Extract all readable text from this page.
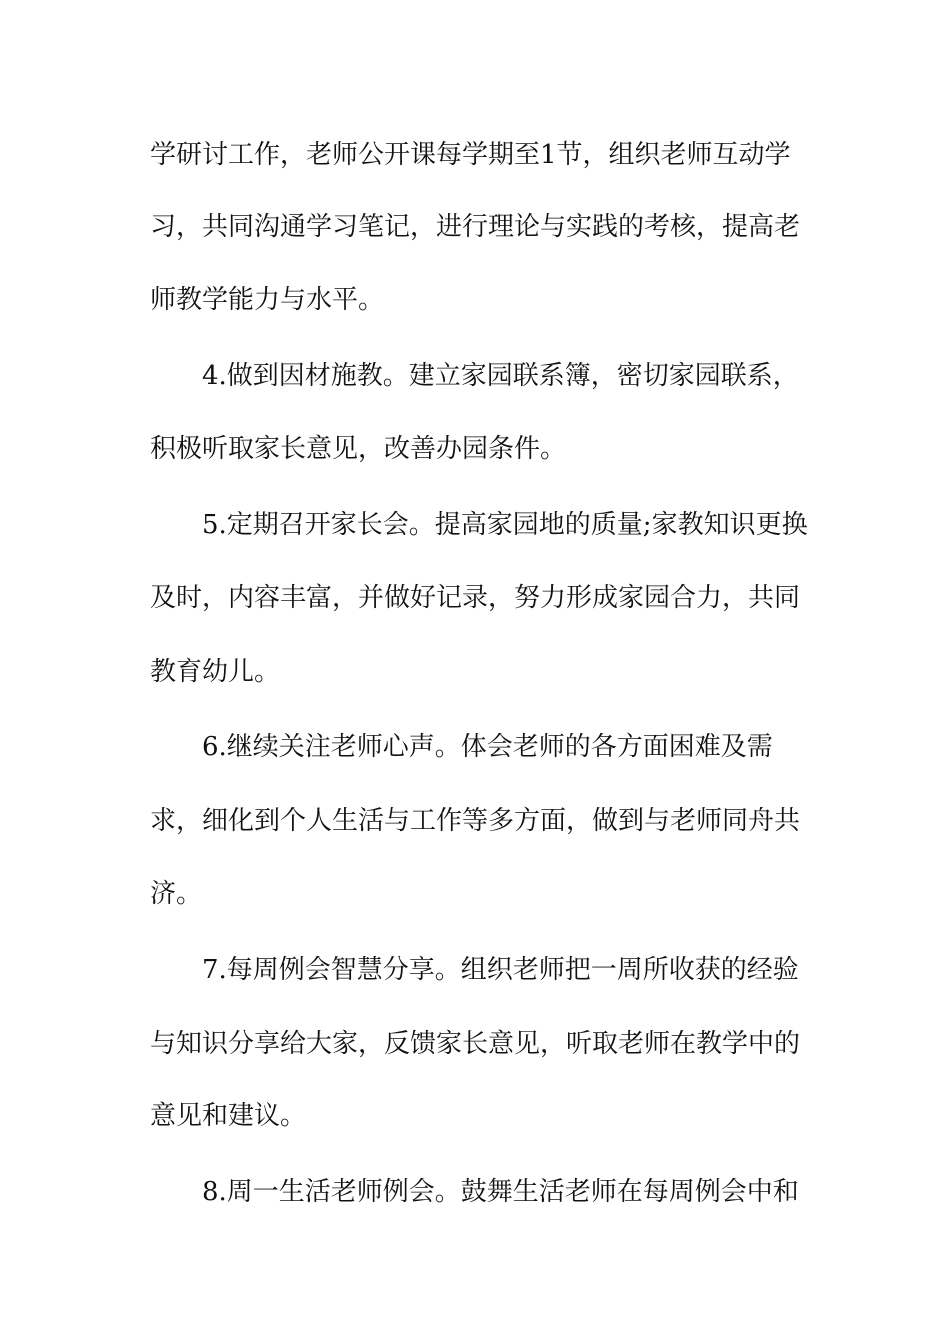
学研讨工作，老师公开课每学期至1节，组织老师互动学
习，共同沟通学习笔记，进行理论与实践的考核，提高老
师教学能力与水平。
4.做到因材施教。建立家园联系簿，密切家园联系，
积极听取家长意见，改善办园条件。
5.定期召开家长会。提高家园地的质量;家教知识更换
及时，内容丰富，并做好记录，努力形成家园合力，共同
教育幼儿。
6.继续关注老师心声。体会老师的各方面困难及需
求，细化到个人生活与工作等多方面，做到与老师同舟共
济。
7.每周例会智慧分享。组织老师把一周所收获的经验
与知识分享给大家，反馈家长意见，听取老师在教学中的
意见和建议。
8.周一生活老师例会。鼓舞生活老师在每周例会中和
